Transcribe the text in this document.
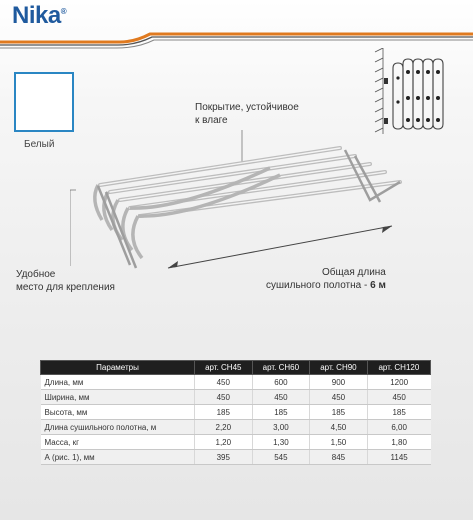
Nika®
Белый
Покрытие, устойчивое
к влаге
Общая длина
сушильного полотна - 6 м
Удобное
место для крепления
Параметры	арт. CH45	арт. CH60	арт. CH90	арт. CH120
Длина, мм	450	600	900	1200
Ширина, мм	450	450	450	450
Высота, мм	185	185	185	185
Длина сушильного полотна, м	2,20	3,00	4,50	6,00
Масса, кг	1,20	1,30	1,50	1,80
А (рис. 1), мм	395	545	845	1145
